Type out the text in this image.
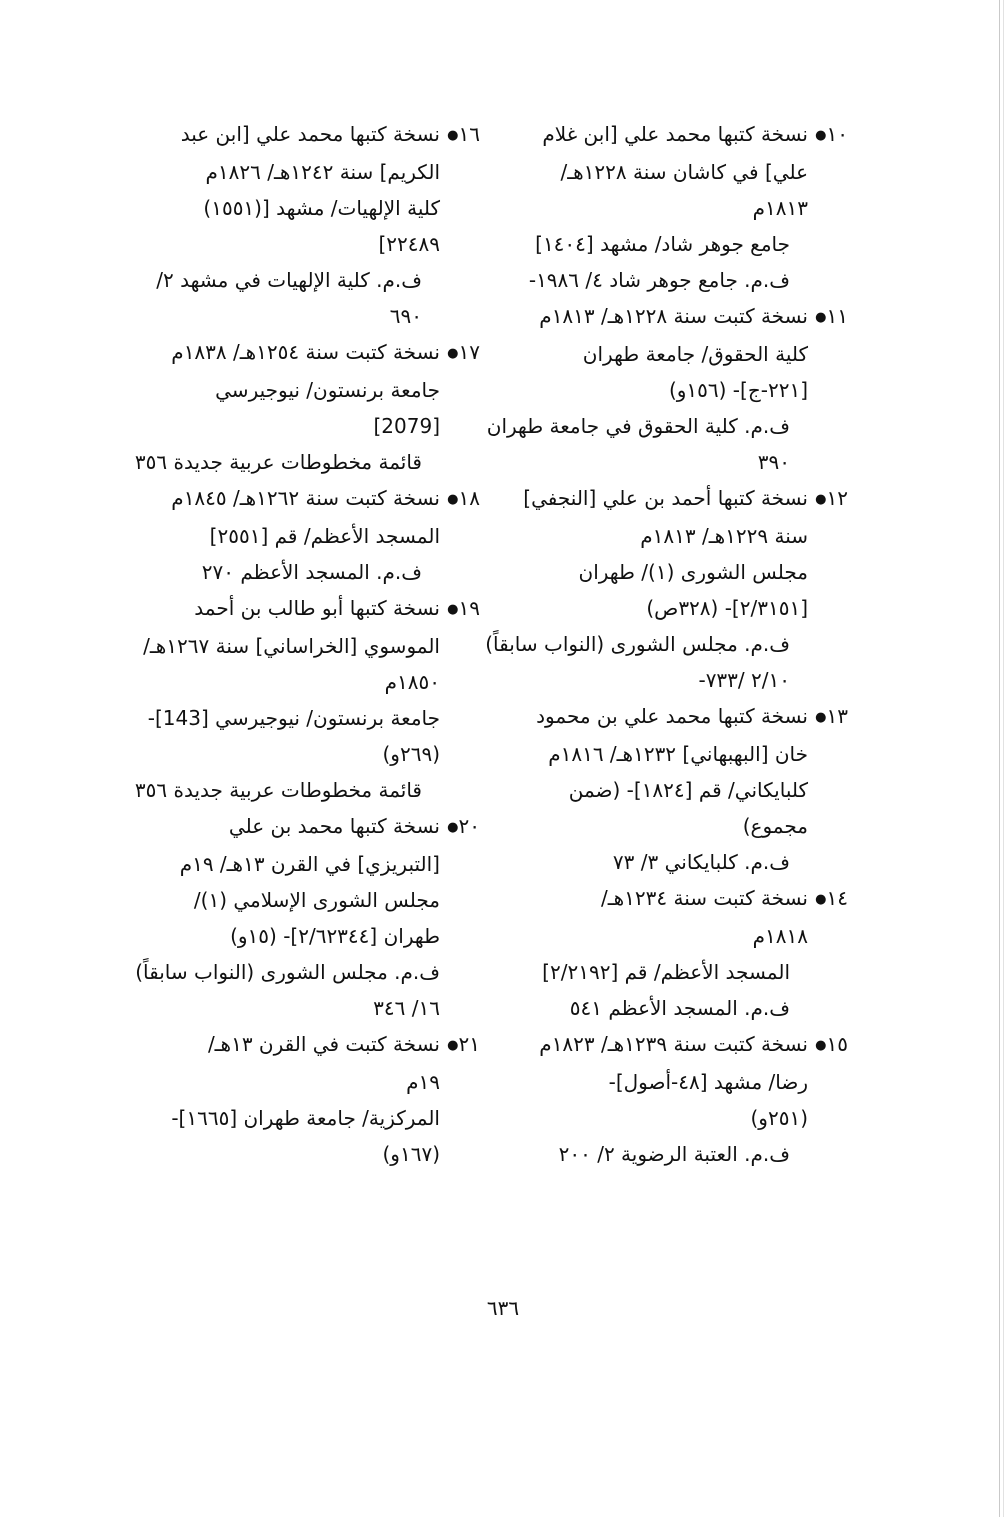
١٠●
نسخة كتبها محمد علي [ابن غلام
علي] في كاشان سنة ١٢٢٨هـ/
١٨١٣م
جامع جوهر شاد/ مشهد [١٤٠٤]
ف.م. جامع جوهر شاد ٤/ ١٩٨٦-
١١●
نسخة كتبت سنة ١٢٢٨هـ/ ١٨١٣م
كلية الحقوق/ جامعة طهران
[٢٢١-ج]- (١٥٦و)
ف.م. كلية الحقوق في جامعة طهران
٣٩٠
١٢●
نسخة كتبها أحمد بن علي [النجفي]
سنة ١٢٢٩هـ/ ١٨١٣م
مجلس الشورى (١)/ طهران
[٢/٣١٥١]- (٣٢٨ص)
ف.م. مجلس الشورى (النواب سابقاً)
٢/١٠ /٧٣٣-
١٣●
نسخة كتبها محمد علي بن محمود
خان [البهبهاني] ١٢٣٢هـ/ ١٨١٦م
كلبايكاني/ قم [١٨٢٤]- (ضمن
مجموع)
ف.م. كلبايكاني ٣/ ٧٣
١٤●
نسخة كتبت سنة ١٢٣٤هـ/
١٨١٨م
المسجد الأعظم/ قم [٢/٢١٩٢]
ف.م. المسجد الأعظم ٥٤١
١٥●
نسخة كتبت سنة ١٢٣٩هـ/ ١٨٢٣م
رضا/ مشهد [٤٨-أصول]-
(٢٥١و)
ف.م. العتبة الرضوية ٢/ ٢٠٠
١٦●
نسخة كتبها محمد علي [ابن عبد
الكريم] سنة ١٢٤٢هـ/ ١٨٢٦م
كلية الإلهيات/ مشهد [(١٥٥١)
٢٢٤٨٩]
ف.م. كلية الإلهيات في مشهد ٢/
٦٩٠
١٧●
نسخة كتبت سنة ١٢٥٤هـ/ ١٨٣٨م
جامعة برنستون/ نيوجيرسي
[2079]
قائمة مخطوطات عربية جديدة ٣٥٦
١٨●
نسخة كتبت سنة ١٢٦٢هـ/ ١٨٤٥م
المسجد الأعظم/ قم [٢٥٥١]
ف.م. المسجد الأعظم ٢٧٠
١٩●
نسخة كتبها أبو طالب بن أحمد
الموسوي [الخراساني] سنة ١٢٦٧هـ/
١٨٥٠م
جامعة برنستون/ نيوجيرسي [143]-
(٢٦٩و)
قائمة مخطوطات عربية جديدة ٣٥٦
٢٠●
نسخة كتبها محمد بن علي
[التبريزي] في القرن ١٣هـ/ ١٩م
مجلس الشورى الإسلامي (١)/
طهران [٢/٦٢٣٤٤]- (١٥و)
ف.م. مجلس الشورى (النواب سابقاً)
١٦/ ٣٤٦
٢١●
نسخة كتبت في القرن ١٣هـ/
١٩م
المركزية/ جامعة طهران [١٦٦٥]-
(١٦٧و)
٦٣٦
